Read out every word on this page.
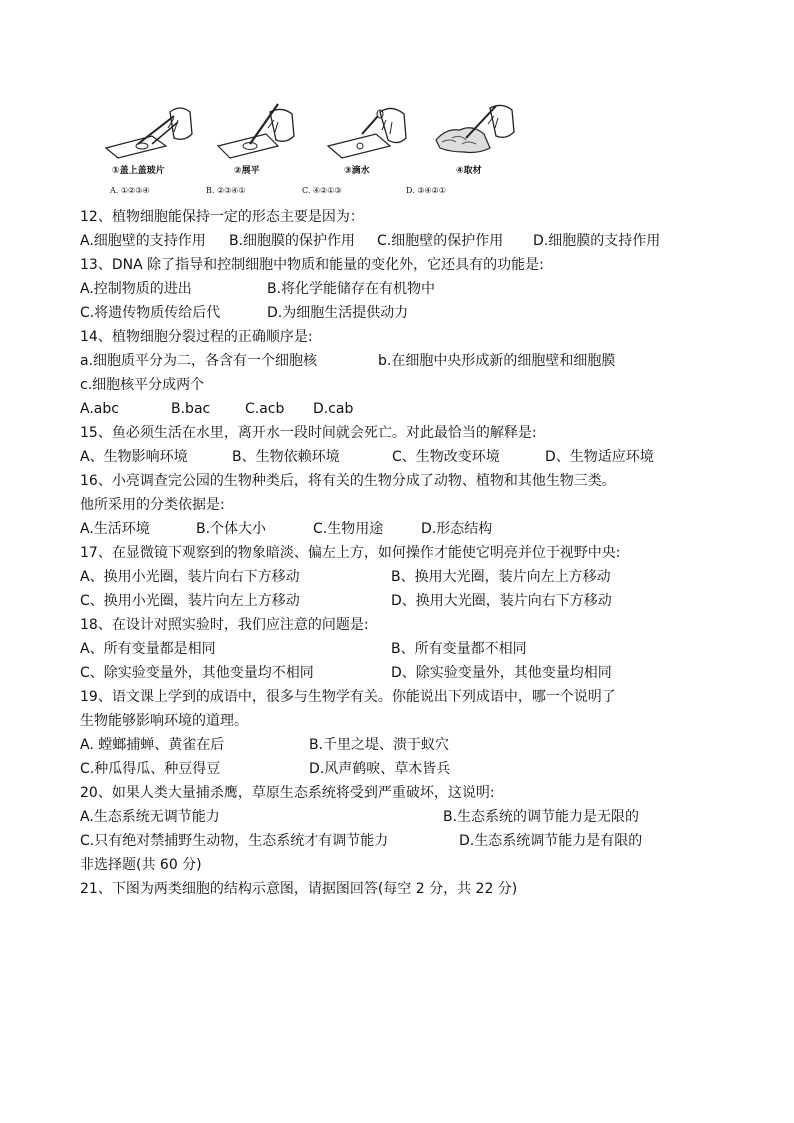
①盖上盖玻片	②展平	③滴水	④取材
A. ①②③④	B. ②③④①	C. ④②①③	D. ③④②①
12、植物细胞能保持一定的形态主要是因为：
A.细胞壁的支持作用 B.细胞膜的保护作用 C.细胞壁的保护作用 D.细胞膜的支持作用
13、DNA 除了指导和控制细胞中物质和能量的变化外，它还具有的功能是:
A.控制物质的进出	B.将化学能储存在有机物中
C.将遗传物质传给后代	D.为细胞生活提供动力
14、植物细胞分裂过程的正确顺序是:
a.细胞质平分为二，各含有一个细胞核	b.在细胞中央形成新的细胞壁和细胞膜
c.细胞核平分成两个
A.abc	B.bac C.acb D.cab
15、鱼必须生活在水里，离开水一段时间就会死亡。对此最恰当的解释是:
A、生物影响环境	B、生物依赖环境	C、生物改变环境	D、生物适应环境
16、小亮调查完公园的生物种类后，将有关的生物分成了动物、植物和其他生物三类。
他所采用的分类依据是:
A.生活环境	B.个体大小	C.生物用途	D.形态结构
17、在显微镜下观察到的物象暗淡、偏左上方，如何操作才能使它明亮并位于视野中央:
A、换用小光圈，装片向右下方移动	B、换用大光圈，装片向左上方移动
C、换用小光圈，装片向左上方移动	D、换用大光圈，装片向右下方移动
18、在设计对照实验时，我们应注意的问题是:
A、所有变量都是相同	B、所有变量都不相同
C、除实验变量外，其他变量均不相同	D、除实验变量外，其他变量均相同
19、语文课上学到的成语中，很多与生物学有关。你能说出下列成语中，哪一个说明了
生物能够影响环境的道理。
A. 螳螂捕蝉、黄雀在后	B.千里之堤、溃于蚁穴
C.种瓜得瓜、种豆得豆	D.风声鹤唳、草木皆兵
20、如果人类大量捕杀鹰，草原生态系统将受到严重破坏，这说明:
A.生态系统无调节能力	B.生态系统的调节能力是无限的
C.只有绝对禁捕野生动物，生态系统才有调节能力	D.生态系统调节能力是有限的
非选择题(共 60 分)
21、下图为两类细胞的结构示意图，请据图回答(每空 2 分，共 22 分)
